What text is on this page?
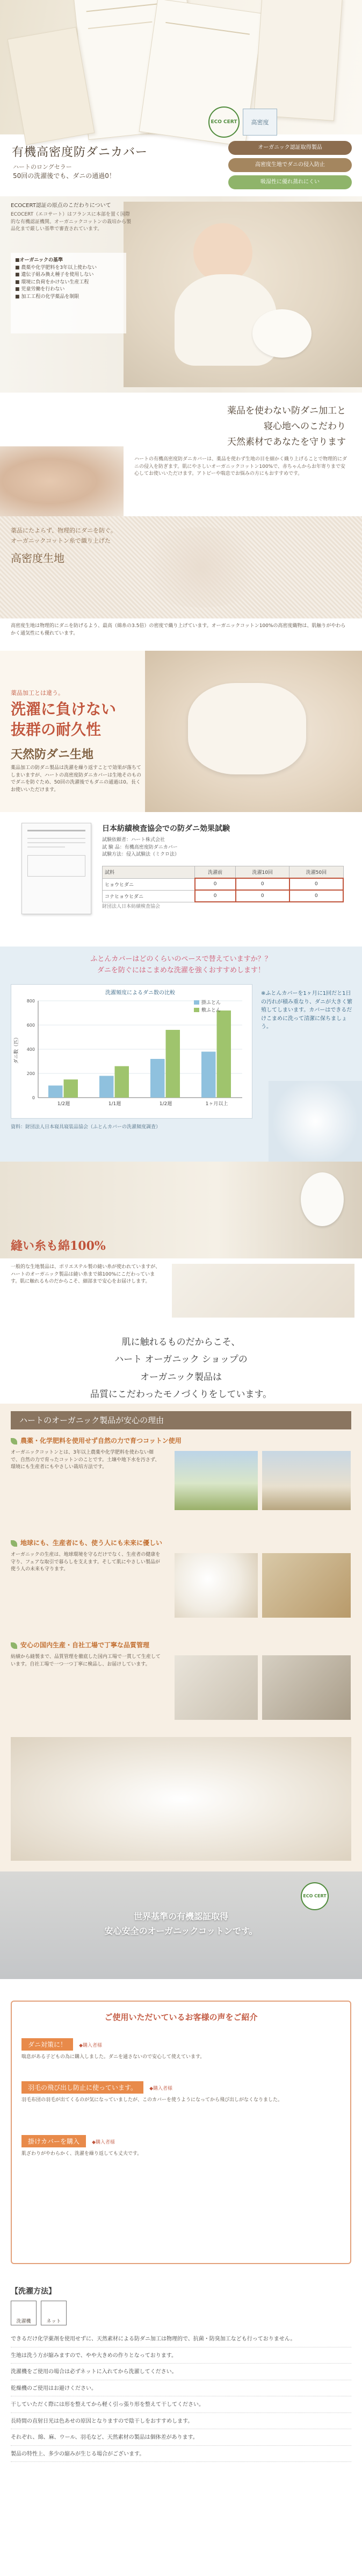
有機高密度防ダニカバー
ハートのロングセラー
50回の洗濯後でも、ダニの通過0！
ECO CERT	高密度
オーガニック認証取得製品
高密度生地でダニの侵入防止
吸湿性に優れ蒸れにくい
ECOCERT認証の原点のこだわりについて
ECOCERT（エコサート）はフランスに本部を置く国際的な有機認証機関。オーガニックコットンの栽培から製品化まで厳しい基準で審査されています。
■オーガニックの基準
■ 農薬や化学肥料を3年以上使わない
■ 遺伝子組み換え種子を使用しない
■ 環境に負荷をかけない生産工程
■ 児童労働を行わない
■ 加工工程の化学薬品を制限
薬品を使わない防ダニ加工と
寝心地へのこだわり
天然素材であなたを守ります
ハートの有機高密度防ダニカバーは、薬品を使わず生地の目を細かく織り上げることで物理的にダニの侵入を防ぎます。肌にやさしいオーガニックコットン100%で、赤ちゃんからお年寄りまで安心してお使いいただけます。アトピーや喘息でお悩みの方にもおすすめです。
薬品にたよらず、物理的にダニを防ぐ。
オーガニックコットン糸で織り上げた
高密度生地
高密度生地は物理的にダニを防げるよう、最高（綿糸の3.5倍）の密度で織り上げています。オーガニックコットン100%の高密度織物は、肌触りがやわらかく通気性にも優れています。
薬品加工とは違う。
洗濯に負けない
抜群の耐久性
天然防ダニ生地
薬品加工の防ダニ製品は洗濯を繰り返すことで効果が落ちてしまいますが、ハートの高密度防ダニカバーは生地そのものでダニを防ぐため、50回の洗濯後でもダニの通過は0。長くお使いいただけます。
日本紡績検査協会での防ダニ効果試験
試験依頼者：ハート株式会社
試 験 品：有機高密度防ダニカバー
試験方法：侵入試験法（ミクロ法）
試料	洗濯前	洗濯10回	洗濯50回
ヒョウヒダニ	0	0	0
コナヒョウヒダニ	0	0	0
財団法人日本紡績検査協会
ふとんカバーはどのくらいのペースで替えていますか？？
ダニを防ぐにはこまめな洗濯を強くおすすめします！
0
200
400
600
800
ダニ数（匹）
洗濯頻度によるダニ数の比較
1/2週	1/1週	1/2週	1ヶ月以上
掛ふとん
敷ふとん
※ふとんカバーを1ヶ月に1回だと1日の汚れが積み重なり、ダニが大きく繁殖してしまいます。カバーはできるだけこまめに洗って清潔に保ちましょう。
資料：財団法人日本寝具寝装品協会（ふとんカバーの洗濯頻度調査）
縫い糸も綿100%
一般的な生地製品は、ポリエステル製の縫い糸が使われていますが、ハートのオーガニック製品は縫い糸まで綿100%にこだわっています。肌に触れるものだからこそ、細部まで安心をお届けします。
肌に触れるものだからこそ、
ハート オーガニック ショップの
オーガニック製品は
品質にこだわったモノづくりをしています。
ハートのオーガニック製品が安心の理由
農薬・化学肥料を使用せず自然の力で育つコットン使用
オーガニックコットンとは、3年以上農薬や化学肥料を使わない畑で、自然の力で育ったコットンのことです。土壌や地下水を汚さず、環境にも生産者にもやさしい栽培方法です。
地球にも、生産者にも、使う人にも未来に優しい
オーガニックの生産は、地球環境を守るだけでなく、生産者の健康を守り、フェアな取引で暮らしを支えます。そして肌にやさしい製品が使う人の未来も守ります。
安心の国内生産・自社工場で丁寧な品質管理
紡績から縫製まで、品質管理を徹底した国内工場で一貫して生産しています。自社工場で一つ一つ丁寧に検品し、お届けしています。
世界基準の有機認証取得
安心安全のオーガニックコットンです。
ECO CERT
ご使用いただいているお客様の声をご紹介
ダニ対策に！	◆購入者様
喘息がある子どもの為に購入しました。ダニを通さないので安心して使えています。
羽毛の飛び出し防止に使っています。	◆購入者様
羽毛布団の羽毛が出てくるのが気になっていましたが、このカバーを使うようになってから飛び出しがなくなりました。
掛けカバーを購入	◆購入者様
肌ざわりがやわらかく、洗濯を繰り返しても丈夫です。
【洗濯方法】
洗濯機	ネット

できるだけ化学薬剤を使用せずに、天然素材による防ダニ加工は物理的で、抗菌・防臭加工なども行っておりません。

生地は洗う方が縮みますので、やや大きめの作りとなっております。

洗濯機をご使用の場合は必ずネットに入れてから洗濯してください。

乾燥機のご使用はお避けください。

干していただく際には形を整えてから軽く引っ張り形を整えて干してください。

長時間の直射日光は色あせの原因となりますので陰干しをおすすめします。

それぞれ、綿、麻、ウール、羽毛など、天然素材の製品は個体差があります。

製品の特性上、多少の縮みが生じる場合がございます。
